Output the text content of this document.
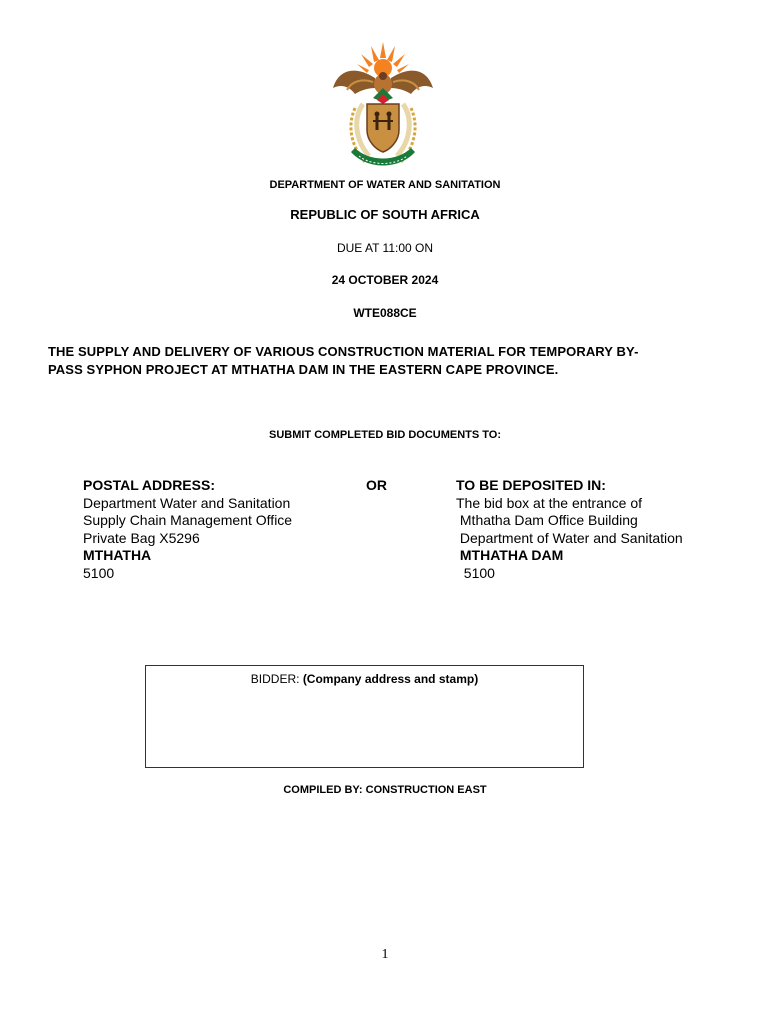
DEPARTMENT OF WATER AND SANITATION
REPUBLIC OF SOUTH AFRICA
DUE AT 11:00 ON
24 OCTOBER 2024
WTE088CE
THE SUPPLY AND DELIVERY OF VARIOUS CONSTRUCTION MATERIAL FOR TEMPORARY BY-
PASS SYPHON PROJECT AT MTHATHA DAM IN THE EASTERN CAPE PROVINCE.
SUBMIT COMPLETED BID DOCUMENTS TO:
POSTAL ADDRESS:
Department Water and Sanitation
Supply Chain Management Office
Private Bag X5296
MTHATHA
5100
OR	TO BE DEPOSITED IN:
The bid box at the entrance of
Mthatha Dam Office Building
Department of Water and Sanitation
MTHATHA DAM
5100
BIDDER: (Company address and stamp)
COMPILED BY: CONSTRUCTION EAST
1
